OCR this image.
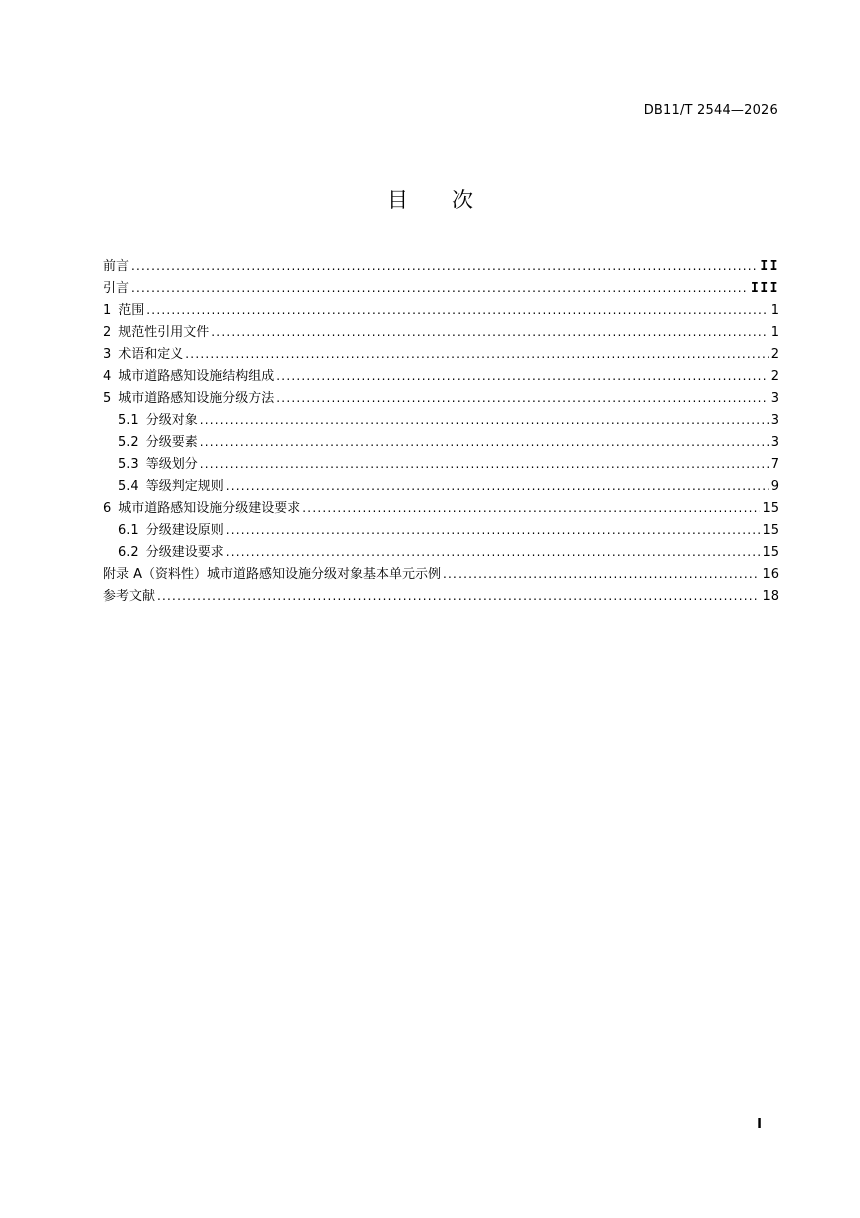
DB11/T 2544—2026
目 次
前言 .....	II
引言 .....	III
1 范围 .....	1
2 规范性引用文件 .....	1
3 术语和定义 .....	2
4 城市道路感知设施结构组成 .....	2
5 城市道路感知设施分级方法 .....	3
5.1 分级对象 .....	3
5.2 分级要素 .....	3
5.3 等级划分 .....	7
5.4 等级判定规则 .....	9
6 城市道路感知设施分级建设要求 .....	15
6.1 分级建设原则 .....	15
6.2 分级建设要求 .....	15
附录 A（资料性）城市道路感知设施分级对象基本单元示例 .....	16
参考文献 .....	18
I
